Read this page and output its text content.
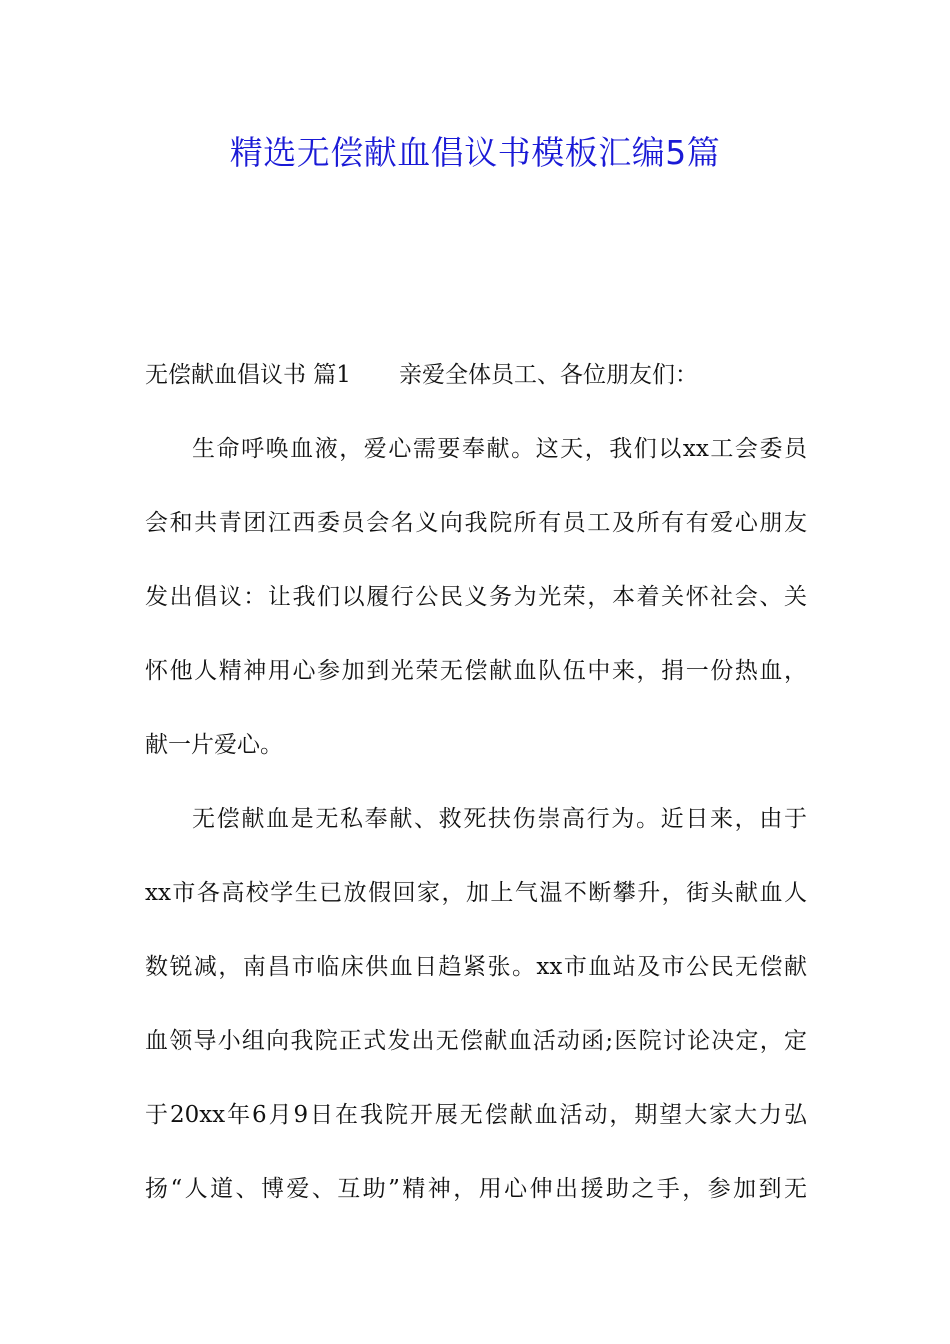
精选无偿献血倡议书模板汇编5篇
无偿献血倡议书 篇1 亲爱全体员工、各位朋友们：

生命呼唤血液，爱心需要奉献。这天，我们以xx工会委员
会和共青团江西委员会名义向我院所有员工及所有有爱心朋友
发出倡议：让我们以履行公民义务为光荣，本着关怀社会、关
怀他人精神用心参加到光荣无偿献血队伍中来，捐一份热血，
献一片爱心。

无偿献血是无私奉献、救死扶伤崇高行为。近日来，由于
xx市各高校学生已放假回家，加上气温不断攀升，街头献血人
数锐减，南昌市临床供血日趋紧张。xx市血站及市公民无偿献
血领导小组向我院正式发出无偿献血活动函;医院讨论决定，定
于20xx年6月9日在我院开展无偿献血活动，期望大家大力弘
扬“人道、博爱、互助”精神，用心伸出援助之手，参加到无
